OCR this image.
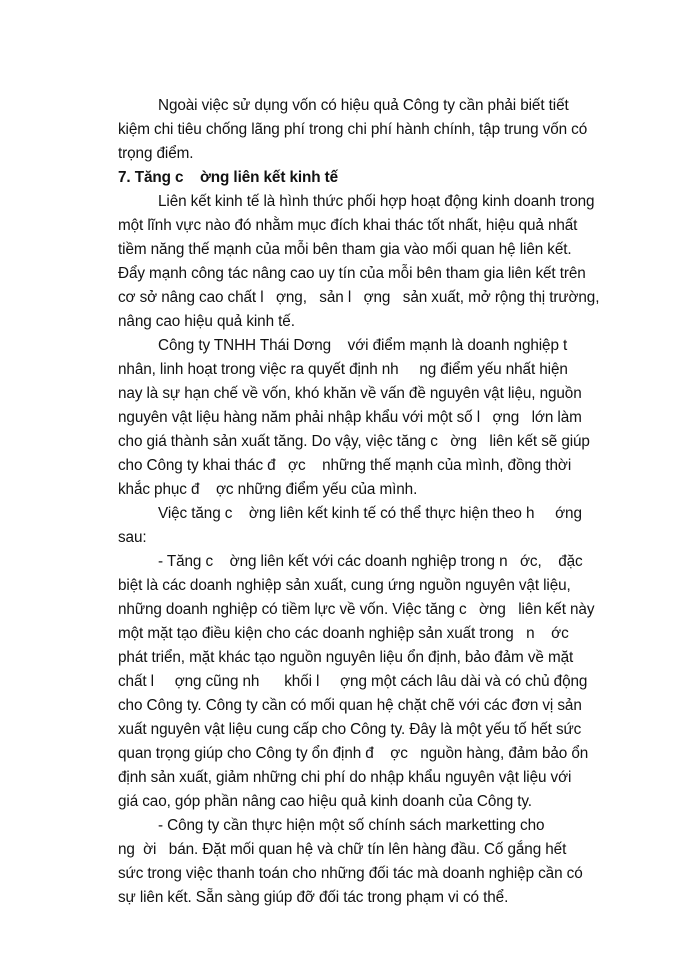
Ngoài việc sử dụng vốn có hiệu quả Công ty cần phải biết tiết
kiệm chi tiêu chống lãng phí trong chi phí hành chính, tập trung vốn có
trọng điểm.
7. Tăng c    ờng liên kết kinh tế
Liên kết kinh tế là hình thức phối hợp hoạt động kinh doanh trong
một lĩnh vực nào đó nhằm mục đích khai thác tốt nhất, hiệu quả nhất
tiềm năng thế mạnh của mỗi bên tham gia vào mối quan hệ liên kết.
Đẩy mạnh công tác nâng cao uy tín của mỗi bên tham gia liên kết trên
cơ sở nâng cao chất l   ợng,   sản l   ợng   sản xuất, mở rộng thị trường,
nâng cao hiệu quả kinh tế.
Công ty TNHH Thái Dơng    với điểm mạnh là doanh nghiệp t
nhân, linh hoạt trong việc ra quyết định nh     ng điểm yếu nhất hiện
nay là sự hạn chế về vốn, khó khăn về vấn đề nguyên vật liệu, nguồn
nguyên vật liệu hàng năm phải nhập khẩu với một số l   ợng   lớn làm
cho giá thành sản xuất tăng. Do vậy, việc tăng c   ờng   liên kết sẽ giúp
cho Công ty khai thác đ   ợc    những thế mạnh của mình, đồng thời
khắc phục đ    ợc những điểm yếu của mình.
Việc tăng c    ờng liên kết kinh tế có thể thực hiện theo h     ớng
sau:
- Tăng c    ờng liên kết với các doanh nghiệp trong n   ớc,    đặc
biệt là các doanh nghiệp sản xuất, cung ứng nguồn nguyên vật liệu,
những doanh nghiệp có tiềm lực về vốn. Việc tăng c   ờng   liên kết này
một mặt tạo điều kiện cho các doanh nghiệp sản xuất trong   n    ớc
phát triển, mặt khác tạo nguồn nguyên liệu ổn định, bảo đảm về mặt
chất l     ợng cũng nh      khối l     ợng một cách lâu dài và có chủ động
cho Công ty. Công ty cần có mối quan hệ chặt chẽ với các đơn vị sản
xuất nguyên vật liệu cung cấp cho Công ty. Đây là một yếu tố hết sức
quan trọng giúp cho Công ty ổn định đ    ợc   nguồn hàng, đảm bảo ổn
định sản xuất, giảm những chi phí do nhập khẩu nguyên vật liệu với
giá cao, góp phần nâng cao hiệu quả kinh doanh của Công ty.
- Công ty cần thực hiện một số chính sách marketting cho
ng  ời   bán. Đặt mối quan hệ và chữ tín lên hàng đầu. Cố gắng hết
sức trong việc thanh toán cho những đối tác mà doanh nghiệp cần có
sự liên kết. Sẵn sàng giúp đỡ đối tác trong phạm vi có thể.
